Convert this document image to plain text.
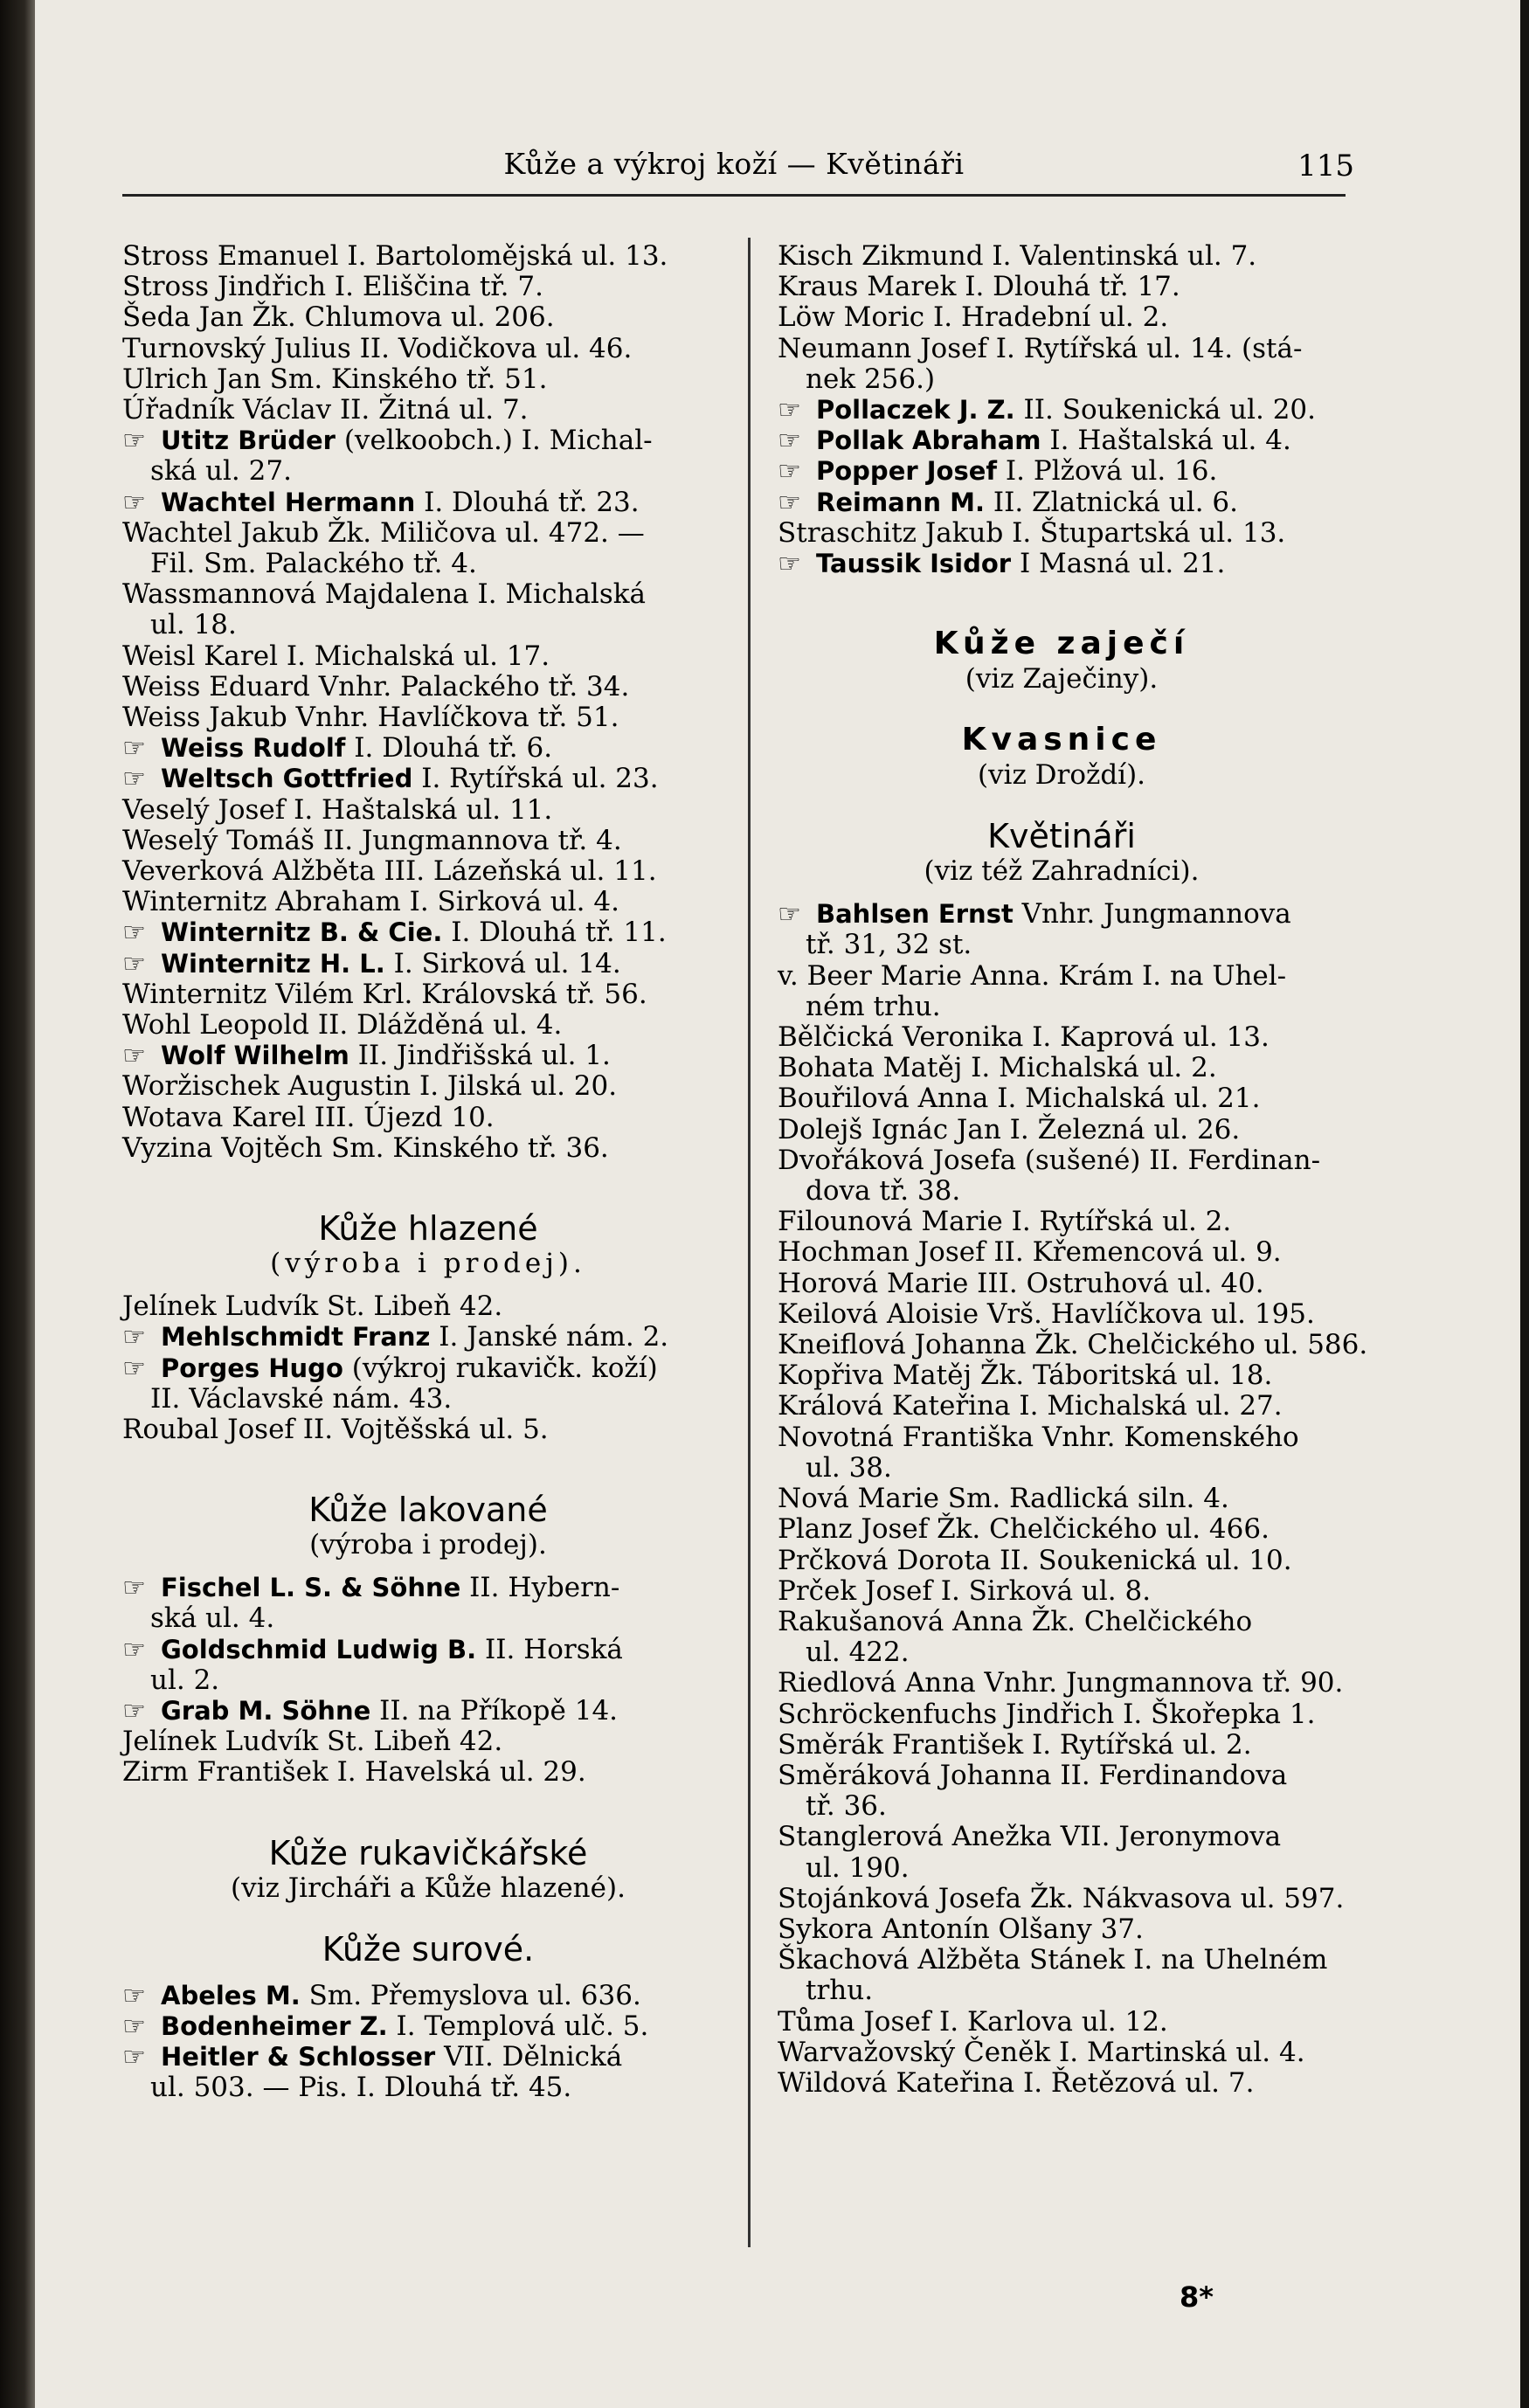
Kůže a výkroj koží — Květináři	115
Stross Emanuel I. Bartolomějská ul. 13.
Stross Jindřich I. Eliščina tř. 7.
Šeda Jan Žk. Chlumova ul. 206.
Turnovský Julius II. Vodičkova ul. 46.
Ulrich Jan Sm. Kinského tř. 51.
Úřadník Václav II. Žitná ul. 7.
☞ Utitz Brüder (velkoobch.) I. Michal-
ská ul. 27.
☞ Wachtel Hermann I. Dlouhá tř. 23.
Wachtel Jakub Žk. Miličova ul. 472. —
Fil. Sm. Palackého tř. 4.
Wassmannová Majdalena I. Michalská
ul. 18.
Weisl Karel I. Michalská ul. 17.
Weiss Eduard Vnhr. Palackého tř. 34.
Weiss Jakub Vnhr. Havlíčkova tř. 51.
☞ Weiss Rudolf I. Dlouhá tř. 6.
☞ Weltsch Gottfried I. Rytířská ul. 23.
Veselý Josef I. Haštalská ul. 11.
Weselý Tomáš II. Jungmannova tř. 4.
Veverková Alžběta III. Lázeňská ul. 11.
Winternitz Abraham I. Sirková ul. 4.
☞ Winternitz B. & Cie. I. Dlouhá tř. 11.
☞ Winternitz H. L. I. Sirková ul. 14.
Winternitz Vilém Krl. Královská tř. 56.
Wohl Leopold II. Dlážděná ul. 4.
☞ Wolf Wilhelm II. Jindřišská ul. 1.
Woržischek Augustin I. Jilská ul. 20.
Wotava Karel III. Újezd 10.
Vyzina Vojtěch Sm. Kinského tř. 36.
Kůže hlazené
(výroba i prodej).
Jelínek Ludvík St. Libeň 42.
☞ Mehlschmidt Franz I. Janské nám. 2.
☞ Porges Hugo (výkroj rukavičk. koží)
II. Václavské nám. 43.
Roubal Josef II. Vojtěšská ul. 5.
Kůže lakované
(výroba i prodej).
☞ Fischel L. S. & Söhne II. Hybern-
ská ul. 4.
☞ Goldschmid Ludwig B. II. Horská
ul. 2.
☞ Grab M. Söhne II. na Příkopě 14.
Jelínek Ludvík St. Libeň 42.
Zirm František I. Havelská ul. 29.
Kůže rukavičkářské
(viz Jircháři a Kůže hlazené).
Kůže surové.
☞ Abeles M. Sm. Přemyslova ul. 636.
☞ Bodenheimer Z. I. Templová ulč. 5.
☞ Heitler & Schlosser VII. Dělnická
ul. 503. — Pis. I. Dlouhá tř. 45.
Kisch Zikmund I. Valentinská ul. 7.
Kraus Marek I. Dlouhá tř. 17.
Löw Moric I. Hradební ul. 2.
Neumann Josef I. Rytířská ul. 14. (stá-
nek 256.)
☞ Pollaczek J. Z. II. Soukenická ul. 20.
☞ Pollak Abraham I. Haštalská ul. 4.
☞ Popper Josef I. Plžová ul. 16.
☞ Reimann M. II. Zlatnická ul. 6.
Straschitz Jakub I. Štupartská ul. 13.
☞ Taussik Isidor I Masná ul. 21.
Kůže zaječí
(viz Zaječiny).
Kvasnice
(viz Droždí).
Květináři
(viz též Zahradníci).
☞ Bahlsen Ernst Vnhr. Jungmannova
tř. 31, 32 st.
v. Beer Marie Anna. Krám I. na Uhel-
ném trhu.
Bělčická Veronika I. Kaprová ul. 13.
Bohata Matěj I. Michalská ul. 2.
Bouřilová Anna I. Michalská ul. 21.
Dolejš Ignác Jan I. Železná ul. 26.
Dvořáková Josefa (sušené) II. Ferdinan-
dova tř. 38.
Filounová Marie I. Rytířská ul. 2.
Hochman Josef II. Křemencová ul. 9.
Horová Marie III. Ostruhová ul. 40.
Keilová Aloisie Vrš. Havlíčkova ul. 195.
Kneiflová Johanna Žk. Chelčického ul. 586.
Kopřiva Matěj Žk. Táboritská ul. 18.
Králová Kateřina I. Michalská ul. 27.
Novotná Františka Vnhr. Komenského
ul. 38.
Nová Marie Sm. Radlická siln. 4.
Planz Josef Žk. Chelčického ul. 466.
Prčková Dorota II. Soukenická ul. 10.
Prček Josef I. Sirková ul. 8.
Rakušanová Anna Žk. Chelčického
ul. 422.
Riedlová Anna Vnhr. Jungmannova tř. 90.
Schröckenfuchs Jindřich I. Škořepka 1.
Směrák František I. Rytířská ul. 2.
Směráková Johanna II. Ferdinandova
tř. 36.
Stanglerová Anežka VII. Jeronymova
ul. 190.
Stojánková Josefa Žk. Nákvasova ul. 597.
Sykora Antonín Olšany 37.
Škachová Alžběta Stánek I. na Uhelném
trhu.
Tůma Josef I. Karlova ul. 12.
Warvažovský Čeněk I. Martinská ul. 4.
Wildová Kateřina I. Řetězová ul. 7.
8*
